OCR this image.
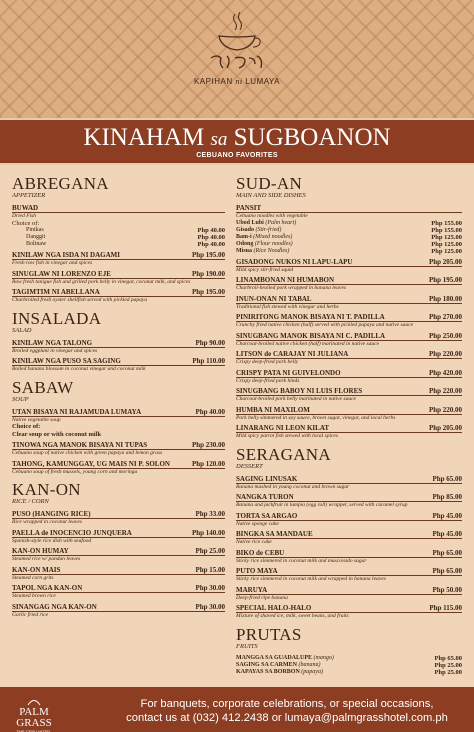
KAPIHAN ni LUMAYA
KINAHAM sa SUGBOANON
CEBUANO FAVORITES
ABREGANA
APPETIZER
BUWAD
Dried Fish
Choice of:
Pinikas	Php 40.00
Danggit	Php 40.00
Bolinaw	Php 40.00
KINILAW NGA ISDA NI DAGAMI	Php 195.00
Fresh raw fish in vinegar and spices
SINUGLAW NI LORENZO EJE	Php 190.00
Raw fresh tanigue fish and grilled pork belly in vinegar, coconut milk, and spices
TAGIMTIM NI ABELLANA	Php 195.00
Charbroiled fresh oyster shellfish served with pickled papaya
INSALADA
SALAD
KINILAW NGA TALONG	Php 90.00
Broiled eggplant in vinegar and spices
KINILAW NGA PUSO SA SAGING	Php 110.00
Boiled banana blossom in coconut vinegar and coconut milk
SABAW
SOUP
UTAN BISAYA NI RAJAMUDA LUMAYA	Php 40.00
Native vegetable soup
Choice of:
Clear soup or with coconut milk
TINOWA NGA MANOK BISAYA NI TUPAS	Php 230.00
Cebuano soup of native chicken with green papaya and lemon grass
TAHONG, KAMUNGGAY, UG MAIS NI P. SOLON	Php 120.00
Cebuano soup of fresh mussels, young corn and moringa
KAN-ON
RICE / CORN
PUSO (HANGING RICE)	Php 33.00
Rice wrapped in coconut leaves
PAELLA de INOCENCIO JUNQUERA	Php 140.00
Spanish-style rice dish with seafood
KAN-ON HUMAY	Php 25.00
Steamed rice w/ pandan leaves
KAN-ON MAIS	Php 15.00
Steamed corn grits
TAPOL NGA KAN-ON	Php 30.00
Steamed brown rice
SINANGAG NGA KAN-ON	Php 30.00
Garlic fried rice
SUD-AN
MAIN AND SIDE DISHES
PANSIT
Cebuano noodles with vegetable
Ubod Lubi (Palm heart)	Php 155.00
Gisado (Stir-fried)	Php 155.00
Bam-i (Mixed noodles)	Php 125.00
Odong (Flour noodles)	Php 125.00
Misua (Rice Noodles)	Php 125.00
GISADONG NUKOS NI LAPU-LAPU	Php 205.00
Mild spicy stir-fried squid
LINAMBONAN NI HUMABON	Php 195.00
Charbroil-broiled pork wrapped in banana leaves
INUN-ONAN NI TABAL	Php 180.00
Traditional fish stewed with vinegar and herbs
PINIRITONG MANOK BISAYA NI T. PADILLA	Php 270.00
Crunchy fried native chicken (half) served with pickled papaya and native sauce
SINUGBANG MANOK BISAYA NI C. PADILLA	Php 250.00
Charcoal-broiled native chicken (half) marinated in native sauce
LITSON de CARAJAY NI JULIANA	Php 220.00
Crispy deep-fried pork belly
CRISPY PATA NI GUIVELONDO	Php 420.00
Crispy deep-fried pork hinds
SINUGBANG BABOY NI LUIS FLORES	Php 220.00
Charcoal-broiled pork belly marinated in native sauce
HUMBA NI MAXILOM	Php 220.00
Pork belly simmered in soy sauce, brown sugar, vinegar, and local herbs
LINARANG NI LEON KILAT	Php 205.00
Mild spicy parrot fish stewed with local spices
SERAGANA
DESSERT
SAGING LINUSAK	Php 65.00
Banana mashed in young coconut and brown sugar
NANGKA TURON	Php 85.00
Banana and jackfruit in lumpia (egg roll) wrapper, served with caramel syrup
TORTA SA ARGAO	Php 45.00
Native sponge cake
BINGKA SA MANDAUE	Php 45.00
Native rice cake
BIKO de CEBU	Php 65.00
Sticky rice simmered in coconut milk and muscovado sugar
PUTO MAYA	Php 65.00
Sticky rice simmered in coconut milk and wrapped in banana leaves
MARUYA	Php 50.00
Deep-fried ripe banana
SPECIAL HALO-HALO	Php 115.00
Mixture of shaved ice, milk, sweet beans, and fruits
PRUTAS
FRUITS
MANGGA SA GUADALUPE (mango)	Php 65.00
SAGING SA CARMEN (banana)	Php 25.00
KAPAYAS SA BORBON (papaya)	Php 25.00
PALM
GRASS
THE CEBU HOTEL
For banquets, corporate celebrations, or special occasions,
contact us at (032) 412.2438 or lumaya@palmgrasshotel.com.ph
